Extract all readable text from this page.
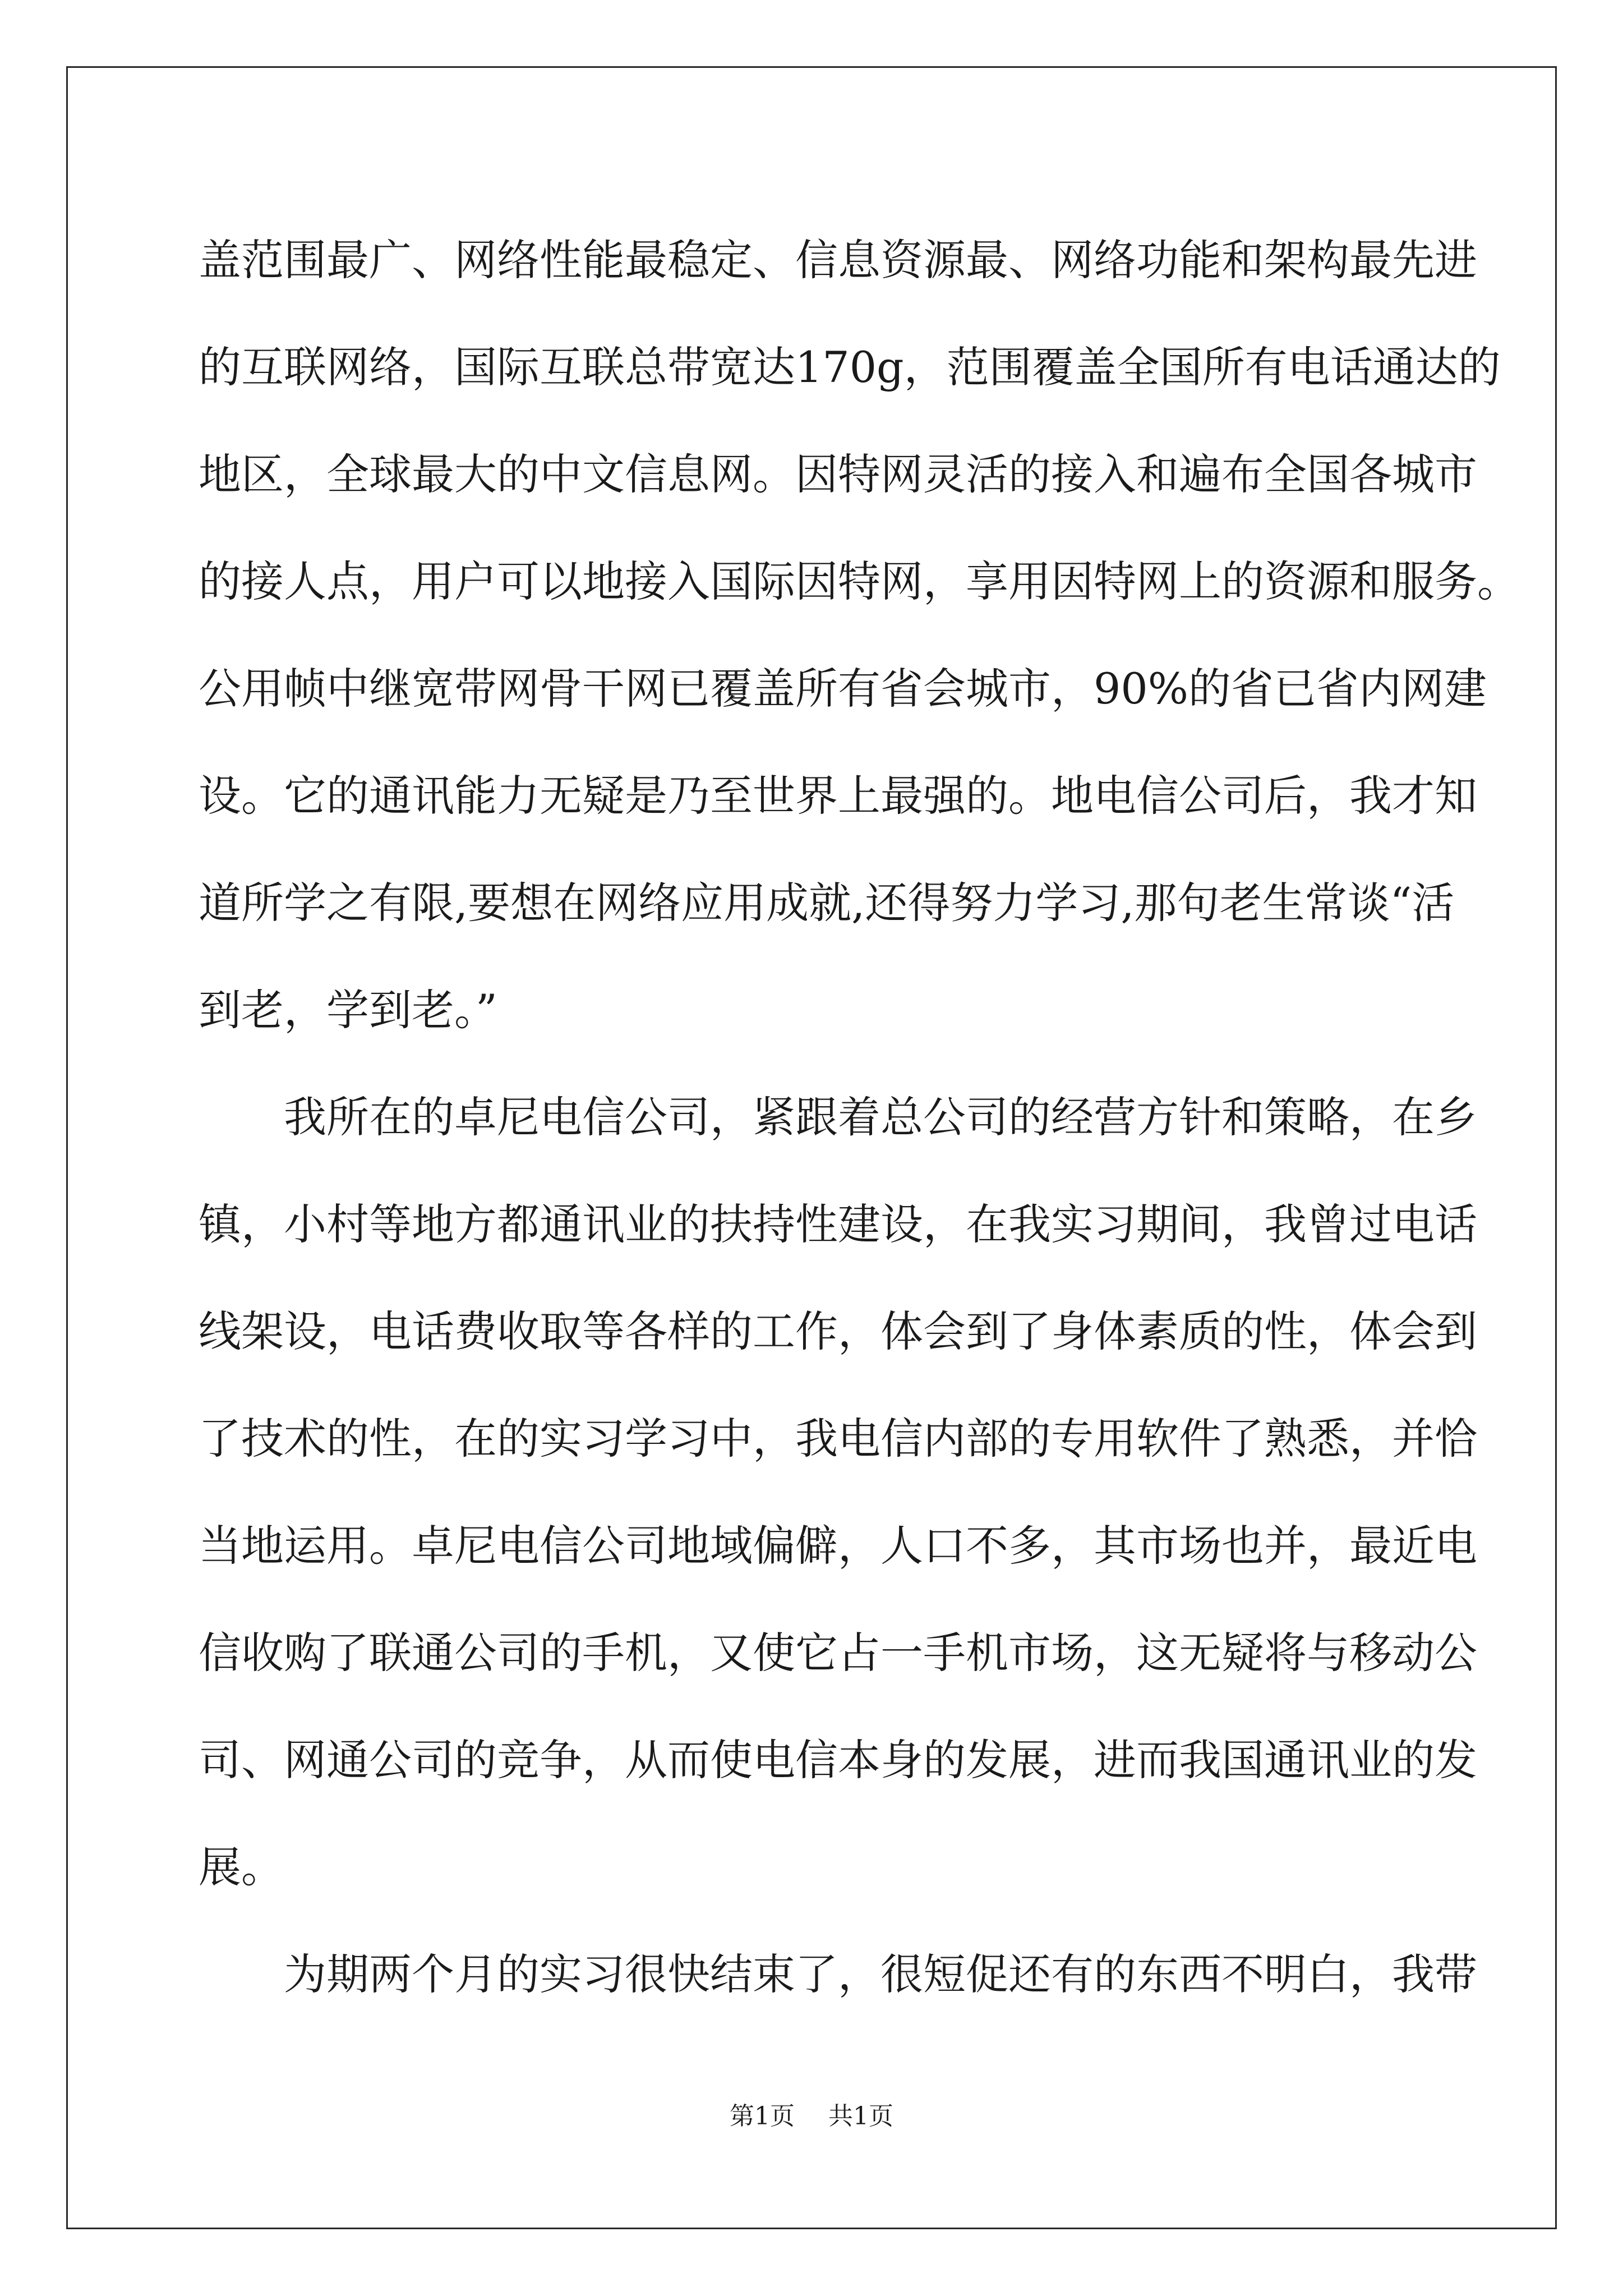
盖范围最广、网络性能最稳定、信息资源最、网络功能和架构最先进
的互联网络，国际互联总带宽达170g，范围覆盖全国所有电话通达的
地区，全球最大的中文信息网。因特网灵活的接入和遍布全国各城市
的接人点，用户可以地接入国际因特网，享用因特网上的资源和服务。
公用帧中继宽带网骨干网已覆盖所有省会城市，90%的省已省内网建
设。它的通讯能力无疑是乃至世界上最强的。地电信公司后，我才知
道所学之有限,要想在网络应用成就,还得努力学习,那句老生常谈“活
到老，学到老。”
我所在的卓尼电信公司，紧跟着总公司的经营方针和策略，在乡
镇，小村等地方都通讯业的扶持性建设，在我实习期间，我曾过电话
线架设，电话费收取等各样的工作，体会到了身体素质的性，体会到
了技术的性，在的实习学习中，我电信内部的专用软件了熟悉，并恰
当地运用。卓尼电信公司地域偏僻，人口不多，其市场也并，最近电
信收购了联通公司的手机，又使它占一手机市场，这无疑将与移动公
司、网通公司的竞争，从而使电信本身的发展，进而我国通讯业的发
展。
为期两个月的实习很快结束了，很短促还有的东西不明白，我带
第1页 共1页
